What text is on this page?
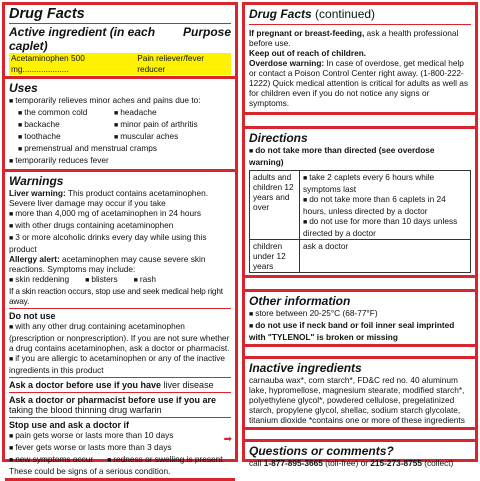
Drug Facts
Active ingredient (in each caplet)
Purpose
Acetaminophen 500 mg....................
Pain reliever/fever reducer
Uses
■ temporarily relieves minor aches and pains due to:
■ the common cold	■ headache
■ backache	■ minor pain of arthritis
■ toothache	■ muscular aches
■ premenstrual and menstrual cramps
■ temporarily reduces fever
Warnings
Liver warning: This product contains acetaminophen. Severe liver damage may occur if you take
■ more than 4,000 mg of acetaminophen in 24 hours
■ with other drugs containing acetaminophen
■ 3 or more alcoholic drinks every day while using this product
Allergy alert: acetaminophen may cause severe skin reactions. Symptoms may include:
■ skin reddening	■ blisters	■ rash
If a skin reaction occurs, stop use and seek medical help right away.
Do not use
■ with any other drug containing acetaminophen (prescription or nonprescription). If you are not sure whether a drug contains acetaminophen, ask a doctor or pharmacist.
■ if you are allergic to acetaminophen or any of the inactive ingredients in this product
Ask a doctor before use if you have liver disease
Ask a doctor or pharmacist before use if you are taking the blood thinning drug warfarin
Stop use and ask a doctor if
■ pain gets worse or lasts more than 10 days
■ fever gets worse or lasts more than 3 days
■ new symptoms occur	■ redness or swelling is present
These could be signs of a serious condition.
➡
Drug Facts (continued)
If pregnant or breast-feeding, ask a health professional before use.
Keep out of reach of children.
Overdose warning: In case of overdose, get medical help or contact a Poison Control Center right away. (1-800-222-1222) Quick medical attention is critical for adults as well as for children even if you do not notice any signs or symptoms.
Directions
■ do not take more than directed (see overdose warning)
adults and children 12 years and over	■ take 2 caplets every 6 hours while symptoms last
■ do not take more than 6 caplets in 24 hours, unless directed by a doctor
■ do not use for more than 10 days unless directed by a doctor

children under 12 years	ask a doctor
Other information
■ store between 20-25°C (68-77°F)
■ do not use if neck band or foil inner seal imprinted with "TYLENOL" is broken or missing
Inactive ingredients
carnauba wax*, corn starch*, FD&C red no. 40 aluminum lake, hypromellose, magnesium stearate, modified starch*, polyethylene glycol*, powdered cellulose, pregelatinized starch, propylene glycol, shellac, sodium starch glycolate, titanium dioxide *contains one or more of these ingredients
Questions or comments?
call 1-877-895-3665 (toll-free) or 215-273-8755 (collect)
